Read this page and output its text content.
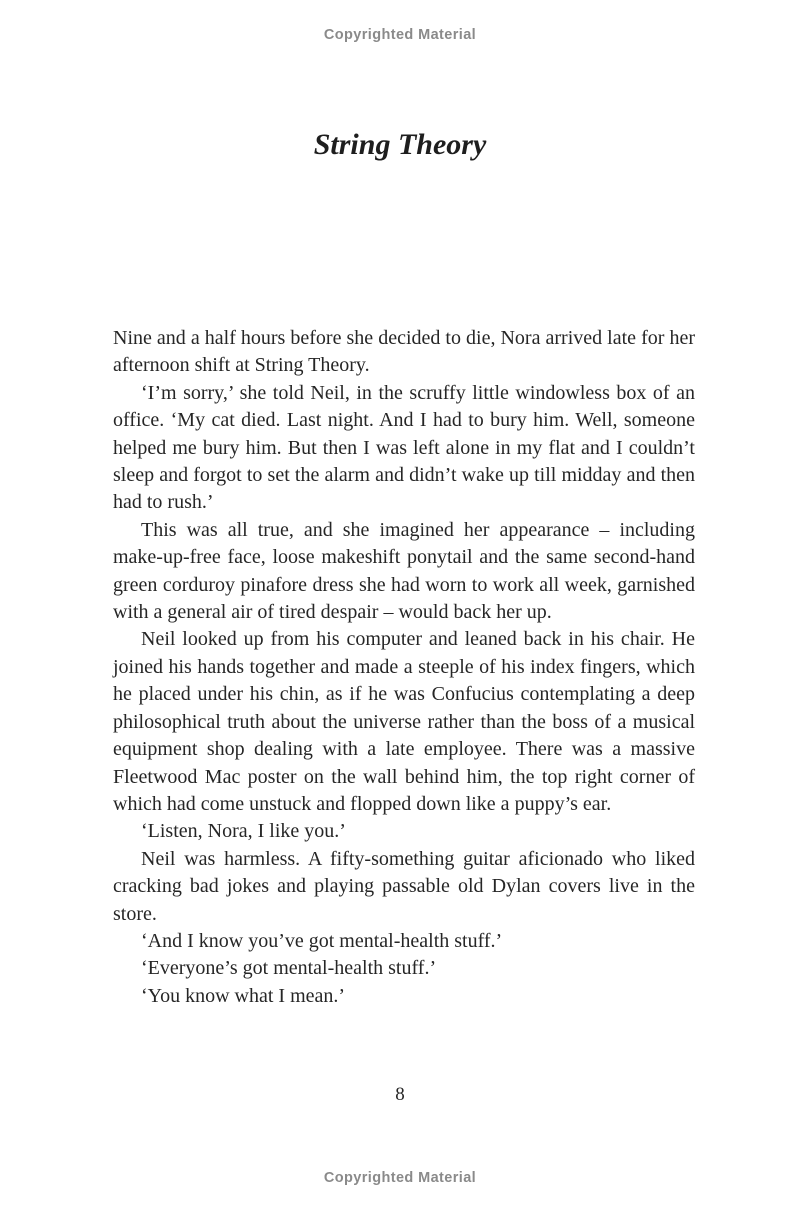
Copyrighted Material
String Theory

Nine and a half hours before she decided to die, Nora arrived late for her afternoon shift at String Theory.

‘I’m sorry,’ she told Neil, in the scruffy little windowless box of an office. ‘My cat died. Last night. And I had to bury him. Well, someone helped me bury him. But then I was left alone in my flat and I couldn’t sleep and forgot to set the alarm and didn’t wake up till midday and then had to rush.’

This was all true, and she imagined her appearance – including make-up-free face, loose makeshift ponytail and the same second-hand green corduroy pinafore dress she had worn to work all week, garnished with a general air of tired despair – would back her up.

Neil looked up from his computer and leaned back in his chair. He joined his hands together and made a steeple of his index fingers, which he placed under his chin, as if he was Confucius contemplating a deep philosophical truth about the universe rather than the boss of a musical equipment shop dealing with a late employee. There was a massive Fleetwood Mac poster on the wall behind him, the top right corner of which had come unstuck and flopped down like a puppy’s ear.

‘Listen, Nora, I like you.’

Neil was harmless. A fifty-something guitar aficionado who liked cracking bad jokes and playing passable old Dylan covers live in the store.

‘And I know you’ve got mental-health stuff.’

‘Everyone’s got mental-health stuff.’

‘You know what I mean.’

8
Copyrighted Material
